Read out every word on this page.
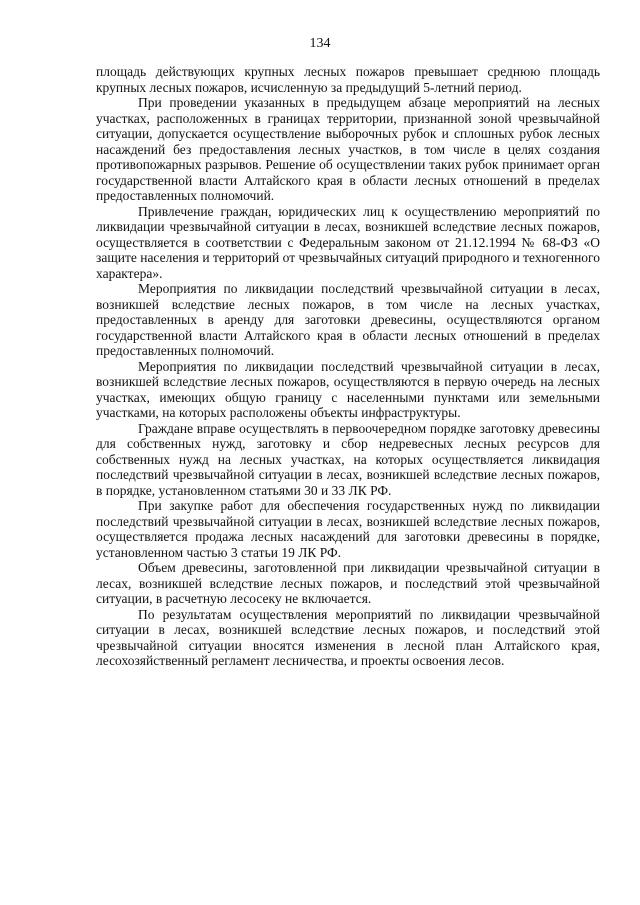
134

площадь действующих крупных лесных пожаров превышает среднюю площадь крупных лесных пожаров, исчисленную за предыдущий 5-летний период.

При проведении указанных в предыдущем абзаце мероприятий на лесных участках, расположенных в границах территории, признанной зоной чрезвычайной ситуации, допускается осуществление выборочных рубок и сплошных рубок лесных насаждений без предоставления лесных участков, в том числе в целях создания противопожарных разрывов. Решение об осуществлении таких рубок принимает орган государственной власти Алтайского края в области лесных отношений в пределах предоставленных полномочий.

Привлечение граждан, юридических лиц к осуществлению мероприятий по ликвидации чрезвычайной ситуации в лесах, возникшей вследствие лесных пожаров, осуществляется в соответствии с Федеральным законом от 21.12.1994 № 68-ФЗ «О защите населения и территорий от чрезвычайных ситуаций природного и техногенного характера».

Мероприятия по ликвидации последствий чрезвычайной ситуации в лесах, возникшей вследствие лесных пожаров, в том числе на лесных участках, предоставленных в аренду для заготовки древесины, осуществляются органом государственной власти Алтайского края в области лесных отношений в пределах предоставленных полномочий.

Мероприятия по ликвидации последствий чрезвычайной ситуации в лесах, возникшей вследствие лесных пожаров, осуществляются в первую очередь на лесных участках, имеющих общую границу с населенными пунктами или земельными участками, на которых расположены объекты инфраструктуры.

Граждане вправе осуществлять в первоочередном порядке заготовку древесины для собственных нужд, заготовку и сбор недревесных лесных ресурсов для собственных нужд на лесных участках, на которых осуществляется ликвидация последствий чрезвычайной ситуации в лесах, возникшей вследствие лесных пожаров, в порядке, установленном статьями 30 и 33 ЛК РФ.

При закупке работ для обеспечения государственных нужд по ликвидации последствий чрезвычайной ситуации в лесах, возникшей вследствие лесных пожаров, осуществляется продажа лесных насаждений для заготовки древесины в порядке, установленном частью 3 статьи 19 ЛК РФ.

Объем древесины, заготовленной при ликвидации чрезвычайной ситуации в лесах, возникшей вследствие лесных пожаров, и последствий этой чрезвычайной ситуации, в расчетную лесосеку не включается.

По результатам осуществления мероприятий по ликвидации чрезвычайной ситуации в лесах, возникшей вследствие лесных пожаров, и последствий этой чрезвычайной ситуации вносятся изменения в лесной план Алтайского края, лесохозяйственный регламент лесничества, и проекты освоения лесов.
